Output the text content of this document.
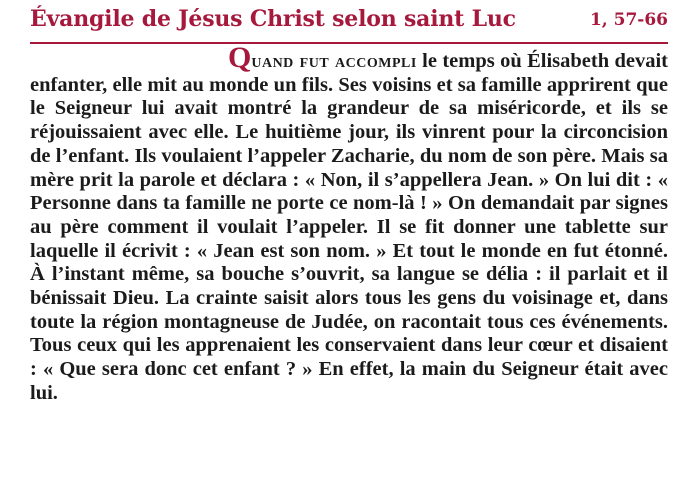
Évangile de Jésus Christ selon saint Luc	1, 57-66
Quand fut accompli le temps où Élisabeth devait enfanter, elle mit au monde un fils. Ses voisins et sa famille apprirent que le Seigneur lui avait montré la grandeur de sa miséricorde, et ils se réjouissaient avec elle. Le huitième jour, ils vinrent pour la circoncision de l’enfant. Ils voulaient l’appeler Zacharie, du nom de son père. Mais sa mère prit la parole et déclara : « Non, il s’appellera Jean. » On lui dit : « Personne dans ta famille ne porte ce nom-là ! » On demandait par signes au père comment il voulait l’appeler. Il se fit donner une tablette sur laquelle il écrivit : « Jean est son nom. » Et tout le monde en fut étonné. À l’instant même, sa bouche s’ouvrit, sa langue se délia : il parlait et il bénissait Dieu. La crainte saisit alors tous les gens du voisinage et, dans toute la région montagneuse de Judée, on racontait tous ces événements. Tous ceux qui les apprenaient les conservaient dans leur cœur et disaient : « Que sera donc cet enfant ? » En effet, la main du Seigneur était avec lui.
